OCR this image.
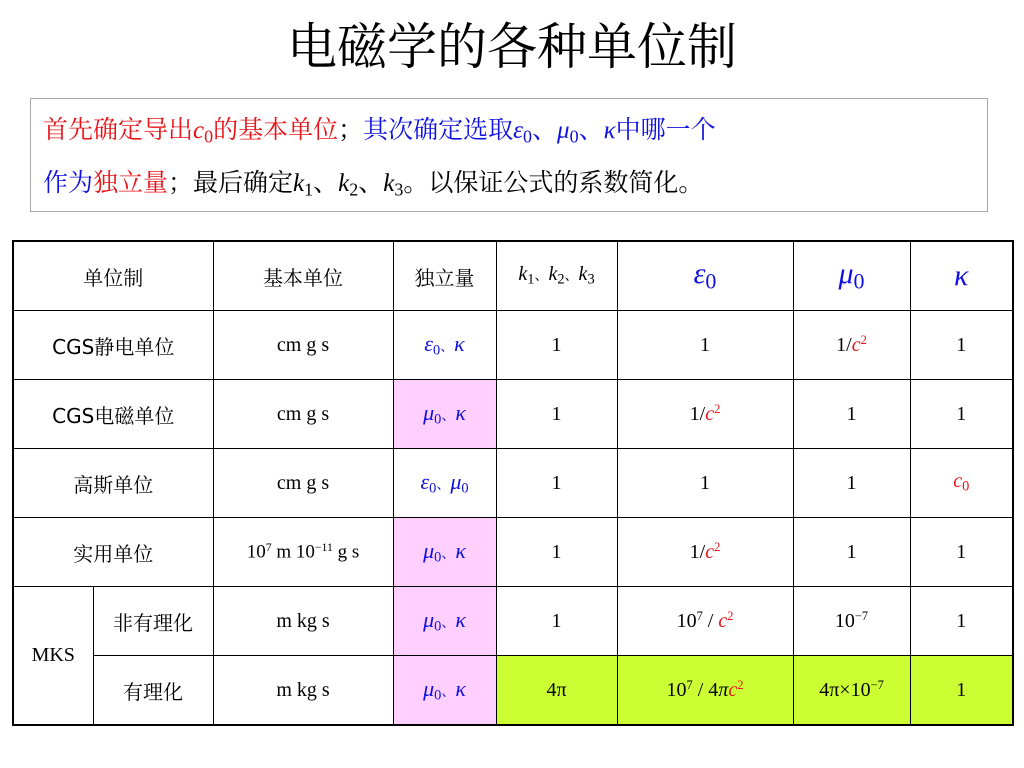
电磁学的各种单位制
首先确定导出$c_0$的基本单位；其次确定选取$\varepsilon_0$、$\mu_0$、κ中哪一个
作为独立量；最后确定$k_1$、$k_2$、$k_3$。以保证公式的系数简化。
单位制		基本单位	独立量	$k_1$、$k_2$、$k_3$	ε0	μ0	κ
CGS静电单位		cm g s	$\varepsilon_0$、κ	1	1	$1/c^2$	1
CGS电磁单位		cm g s	$\mu_0$、κ	1	$1/c^2$	1	1
高斯单位		cm g s	$\varepsilon_0$、$\mu_0$	1	1	1	$c_0$
实用单位		$10^7$ m $10^{-11}$ g s	$\mu_0$、κ	1	$1/c^2$	1	1
MKS	非有理化	m kg s	$\mu_0$、κ	1	$10^7 / c^2$	$10^{-7}$	1
	有理化	m kg s	$\mu_0$、κ	4π	$10^7 / 4\pi c^2$	$4\pi\times 10^{-7}$	1
